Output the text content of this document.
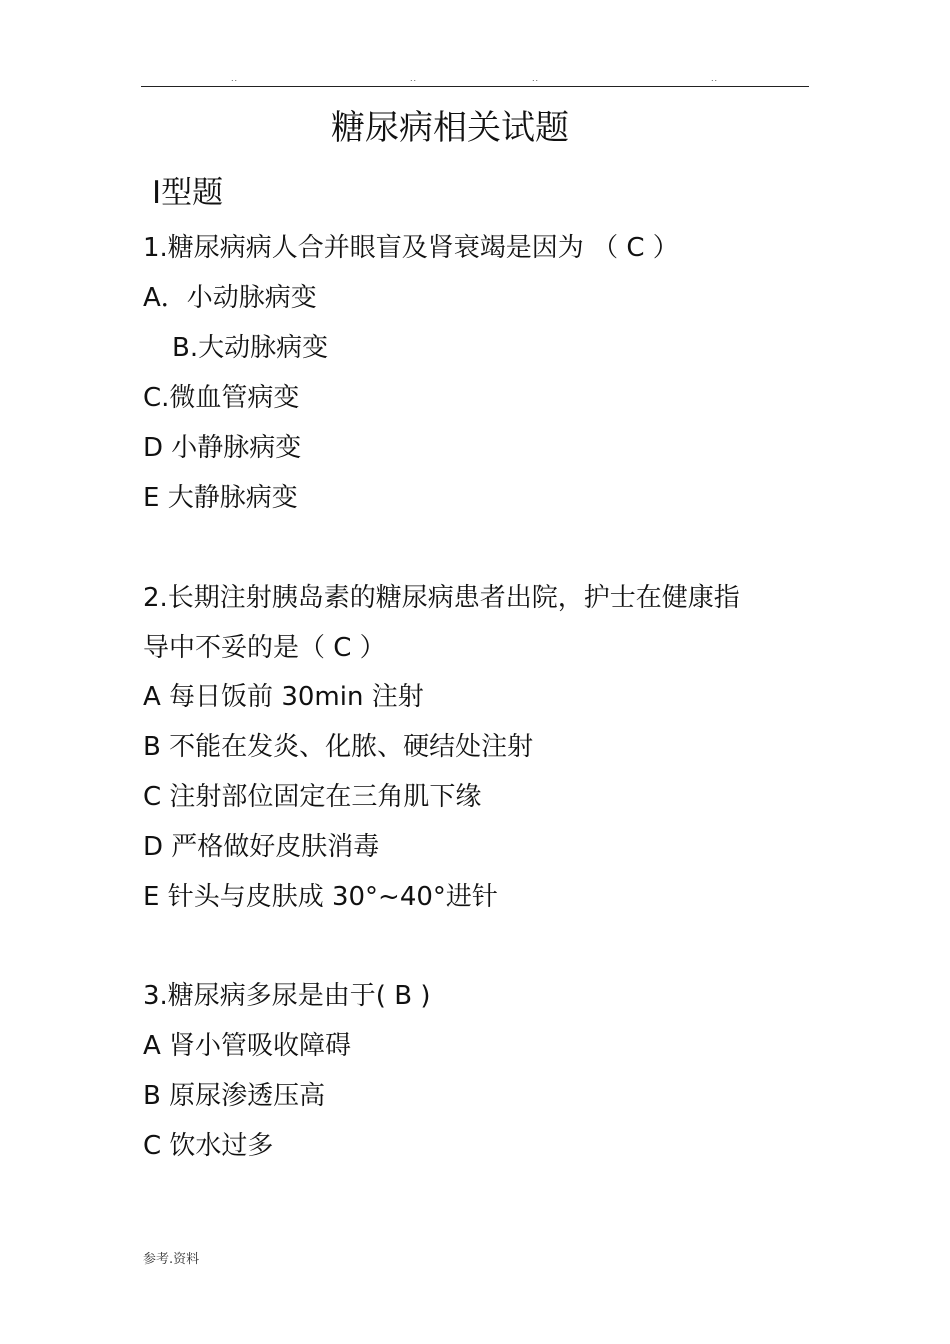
..	..	..	..
糖尿病相关试题
Ⅰ型题
1.糖尿病病人合并眼盲及肾衰竭是因为 （ C ）
A．小动脉病变
B.大动脉病变
C.微血管病变
D 小静脉病变
E 大静脉病变
2.长期注射胰岛素的糖尿病患者出院，护士在健康指
导中不妥的是（ C ）
A 每日饭前 30min 注射
B 不能在发炎、化脓、硬结处注射
C 注射部位固定在三角肌下缘
D 严格做好皮肤消毒
E 针头与皮肤成 30°~40°进针
3.糖尿病多尿是由于( B )
A 肾小管吸收障碍
B 原尿渗透压高
C 饮水过多
参考.资料
